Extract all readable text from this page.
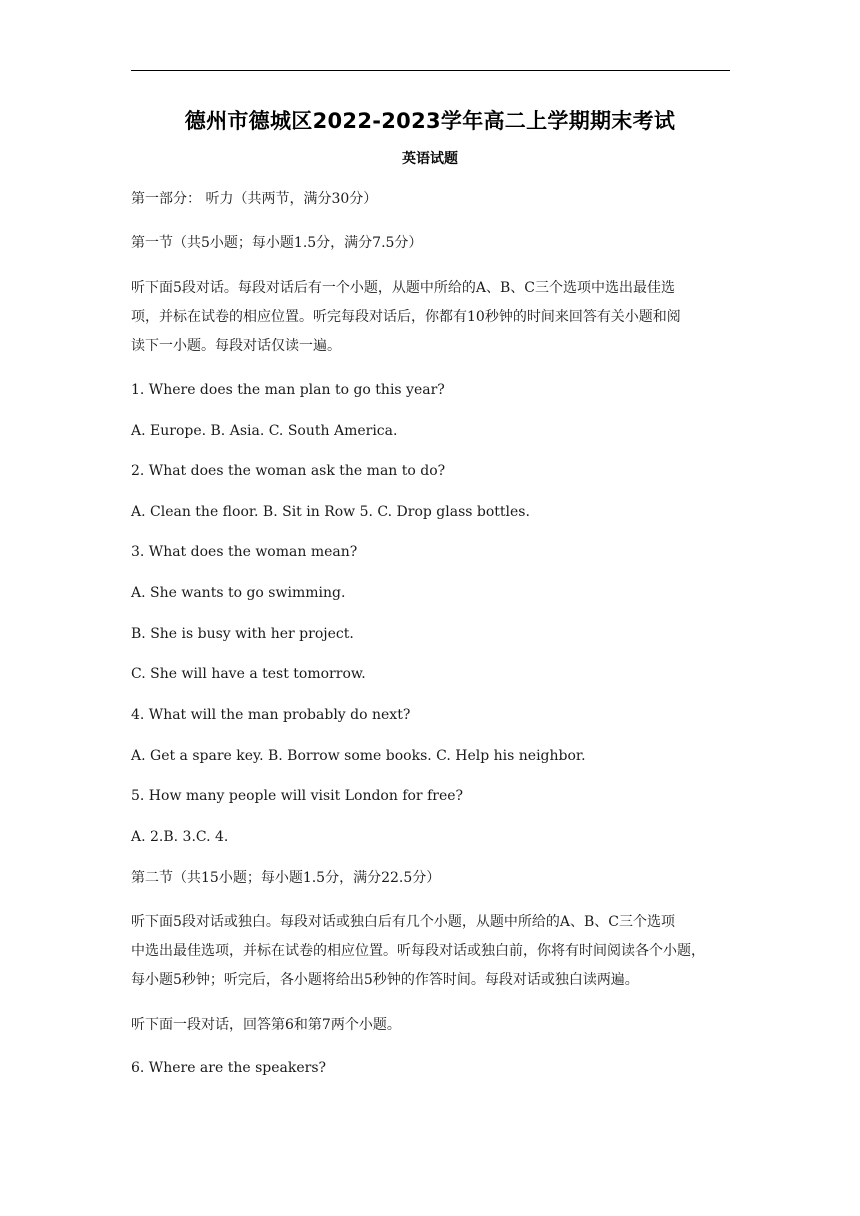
德州市德城区2022-2023学年高二上学期期末考试
英语试题
第一部分： 听力（共两节，满分30分）
第一节（共5小题；每小题1.5分，满分7.5分）
听下面5段对话。每段对话后有一个小题，从题中所给的A、B、C三个选项中选出最佳选
项，并标在试卷的相应位置。听完每段对话后，你都有10秒钟的时间来回答有关小题和阅
读下一小题。每段对话仅读一遍。
1. Where does the man plan to go this year?
A. Europe. B. Asia. C. South America.
2. What does the woman ask the man to do?
A. Clean the floor. B. Sit in Row 5. C. Drop glass bottles.
3. What does the woman mean?
A. She wants to go swimming.
B. She is busy with her project.
C. She will have a test tomorrow.
4. What will the man probably do next?
A. Get a spare key. B. Borrow some books. C. Help his neighbor.
5. How many people will visit London for free?
A. 2.B. 3.C. 4.
第二节（共15小题；每小题1.5分，满分22.5分）
听下面5段对话或独白。每段对话或独白后有几个小题，从题中所给的A、B、C三个选项
中选出最佳选项，并标在试卷的相应位置。听每段对话或独白前，你将有时间阅读各个小题，
每小题5秒钟；听完后，各小题将给出5秒钟的作答时间。每段对话或独白读两遍。
听下面一段对话，回答第6和第7两个小题。
6. Where are the speakers?
